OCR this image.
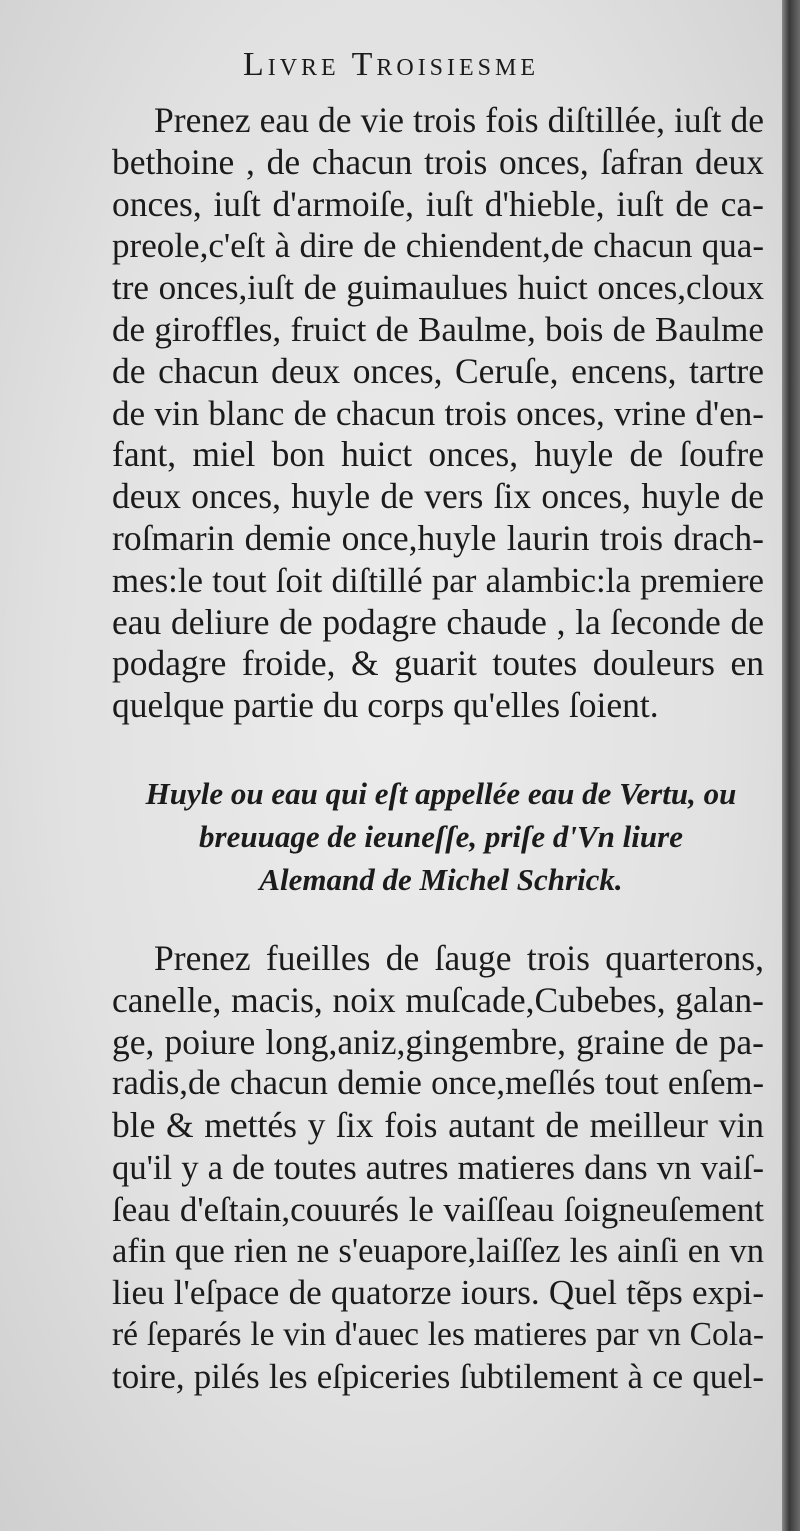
Livre Troisiesme
Prenez eau de vie trois fois diſtillée, iuſt de
bethoine , de chacun trois onces, ſafran deux
onces, iuſt d'armoiſe, iuſt d'hieble, iuſt de ca-
preole,c'eſt à dire de chiendent,de chacun qua-
tre onces,iuſt de guimaulues huict onces,cloux
de giroffles, fruict de Baulme, bois de Baulme
de chacun deux onces, Ceruſe, encens, tartre
de vin blanc de chacun trois onces, vrine d'en-
fant, miel bon huict onces, huyle de ſoufre
deux onces, huyle de vers ſix onces, huyle de
roſmarin demie once,huyle laurin trois drach-
mes:le tout ſoit diſtillé par alambic:la premiere
eau deliure de podagre chaude , la ſeconde de
podagre froide, & guarit toutes douleurs en
quelque partie du corps qu'elles ſoient.
Huyle ou eau qui eſt appellée eau de Vertu, ou
breuuage de ieuneſſe, priſe d'Vn liure
Alemand de Michel Schrick.
Prenez fueilles de ſauge trois quarterons,
canelle, macis, noix muſcade,Cubebes, galan-
ge, poiure long,aniz,gingembre, graine de pa-
radis,de chacun demie once,meſlés tout enſem-
ble & mettés y ſix fois autant de meilleur vin
qu'il y a de toutes autres matieres dans vn vaiſ-
ſeau d'eſtain,couurés le vaiſſeau ſoigneuſement
afin que rien ne s'euapore,laiſſez les ainſi en vn
lieu l'eſpace de quatorze iours. Quel tẽps expi-
ré ſeparés le vin d'auec les matieres par vn Cola-
toire, pilés les eſpiceries ſubtilement à ce quel-
